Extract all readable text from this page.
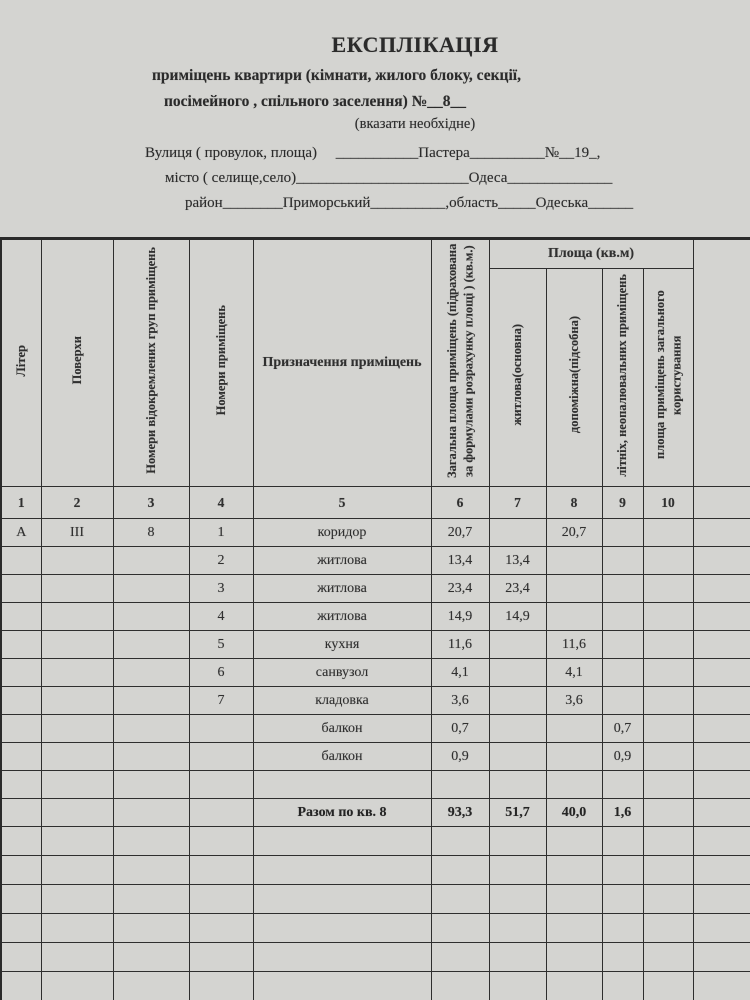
ЕКСПЛІКАЦІЯ
приміщень квартири (кімнати, жилого блоку, секції,
посімейного , спільного заселення) №__8__
(вказати необхідне)
Вулиця ( провулок, площа)     ___________Пастера__________№__19_,
місто ( селище,село)_______________________Одеса______________
район________Приморський__________,область_____Одеська______
Літер	Поверхи	Номери відокремлених груп приміщень	Номери приміщень	Призначення приміщень	Загальна площа приміщень (підрахована за формулами розрахунку площі ) (кв.м.)	Площа (кв.м)				
						житлова(основна)	допоміжна(підсобна)	літніх, неопалювальних приміщень	площа приміщень загального користування	
1	2	3	4	5	6	7	8	9	10	
А	ІІІ	8	1	коридор	20,7		20,7			
			2	житлова	13,4	13,4				
			3	житлова	23,4	23,4				
			4	житлова	14,9	14,9				
			5	кухня	11,6		11,6			
			6	санвузол	4,1		4,1			
			7	кладовка	3,6		3,6			
				балкон	0,7			0,7		
				балкон	0,9			0,9		

				Разом по кв. 8	93,3	51,7	40,0	1,6		
